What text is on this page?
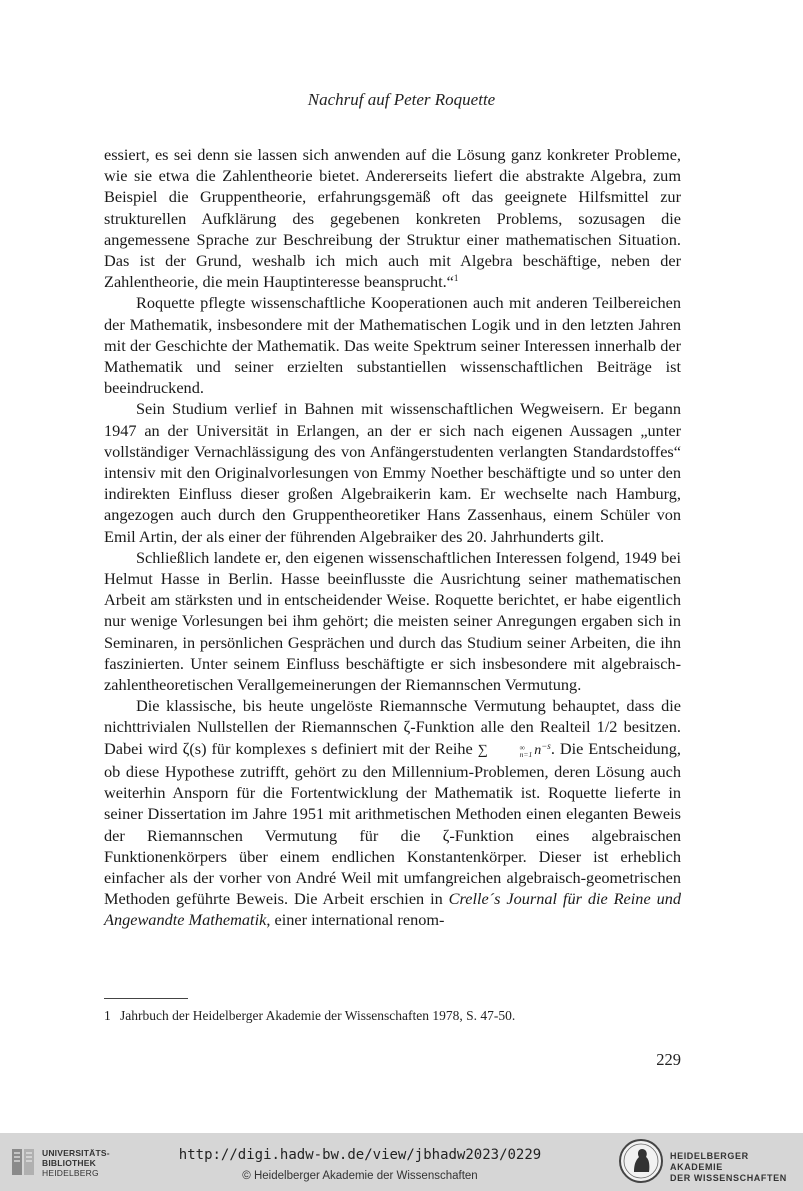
Nachruf auf Peter Roquette

essiert, es sei denn sie lassen sich anwenden auf die Lösung ganz konkreter Probleme, wie sie etwa die Zahlentheorie bietet. Andererseits liefert die abstrakte Algebra, zum Beispiel die Gruppentheorie, erfahrungsgemäß oft das geeignete Hilfsmittel zur strukturellen Aufklärung des gegebenen konkreten Problems, sozusagen die angemessene Sprache zur Beschreibung der Struktur einer mathematischen Situation. Das ist der Grund, weshalb ich mich auch mit Algebra beschäftige, neben der Zahlentheorie, die mein Hauptinteresse beansprucht.“$^1$

Roquette pflegte wissenschaftliche Kooperationen auch mit anderen Teilbereichen der Mathematik, insbesondere mit der Mathematischen Logik und in den letzten Jahren mit der Geschichte der Mathematik. Das weite Spektrum seiner Interessen innerhalb der Mathematik und seiner erzielten substantiellen wissenschaftlichen Beiträge ist beeindruckend.

Sein Studium verlief in Bahnen mit wissenschaftlichen Wegweisern. Er begann 1947 an der Universität in Erlangen, an der er sich nach eigenen Aussagen „unter vollständiger Vernachlässigung des von Anfängerstudenten verlangten Standardstoffes“ intensiv mit den Originalvorlesungen von Emmy Noether beschäftigte und so unter den indirekten Einfluss dieser großen Algebraikerin kam. Er wechselte nach Hamburg, angezogen auch durch den Gruppentheoretiker Hans Zassenhaus, einem Schüler von Emil Artin, der als einer der führenden Algebraiker des 20. Jahrhunderts gilt.

Schließlich landete er, den eigenen wissenschaftlichen Interessen folgend, 1949 bei Helmut Hasse in Berlin. Hasse beeinflusste die Ausrichtung seiner mathematischen Arbeit am stärksten und in entscheidender Weise. Roquette berichtet, er habe eigentlich nur wenige Vorlesungen bei ihm gehört; die meisten seiner Anregungen ergaben sich in Seminaren, in persönlichen Gesprächen und durch das Studium seiner Arbeiten, die ihn faszinierten. Unter seinem Einfluss beschäftigte er sich insbesondere mit algebraisch-zahlentheoretischen Verallgemeinerungen der Riemannschen Vermutung.

Die klassische, bis heute ungelöste Riemannsche Vermutung behauptet, dass die nichttrivialen Nullstellen der Riemannschen ζ-Funktion alle den Realteil 1/2 besitzen. Dabei wird ζ(s) für komplexes s definiert mit der Reihe ∑	∞
n=1 $n^{-s}$. Die Entscheidung, ob diese Hypothese zutrifft, gehört zu den Millennium-Problemen, deren Lösung auch weiterhin Ansporn für die Fortentwicklung der Mathematik ist. Roquette lieferte in seiner Dissertation im Jahre 1951 mit arithmetischen Methoden einen eleganten Beweis der Riemannschen Vermutung für die ζ-Funktion eines algebraischen Funktionenkörpers über einem endlichen Konstantenkörper. Dieser ist erheblich einfacher als der vorher von André Weil mit umfangreichen algebraisch-geometrischen Methoden geführte Beweis. Die Arbeit erschien in Crelle´s Journal für die Reine und Angewandte Mathematik, einer international renom-

1 Jahrbuch der Heidelberger Akademie der Wissenschaften 1978, S. 47-50.
229
UNIVERSITÄTS-
BIBLIOTHEK
HEIDELBERG
http://digi.hadw-bw.de/view/jbhadw2023/0229
© Heidelberger Akademie der Wissenschaften
HEIDELBERGER AKADEMIE
DER WISSENSCHAFTEN
